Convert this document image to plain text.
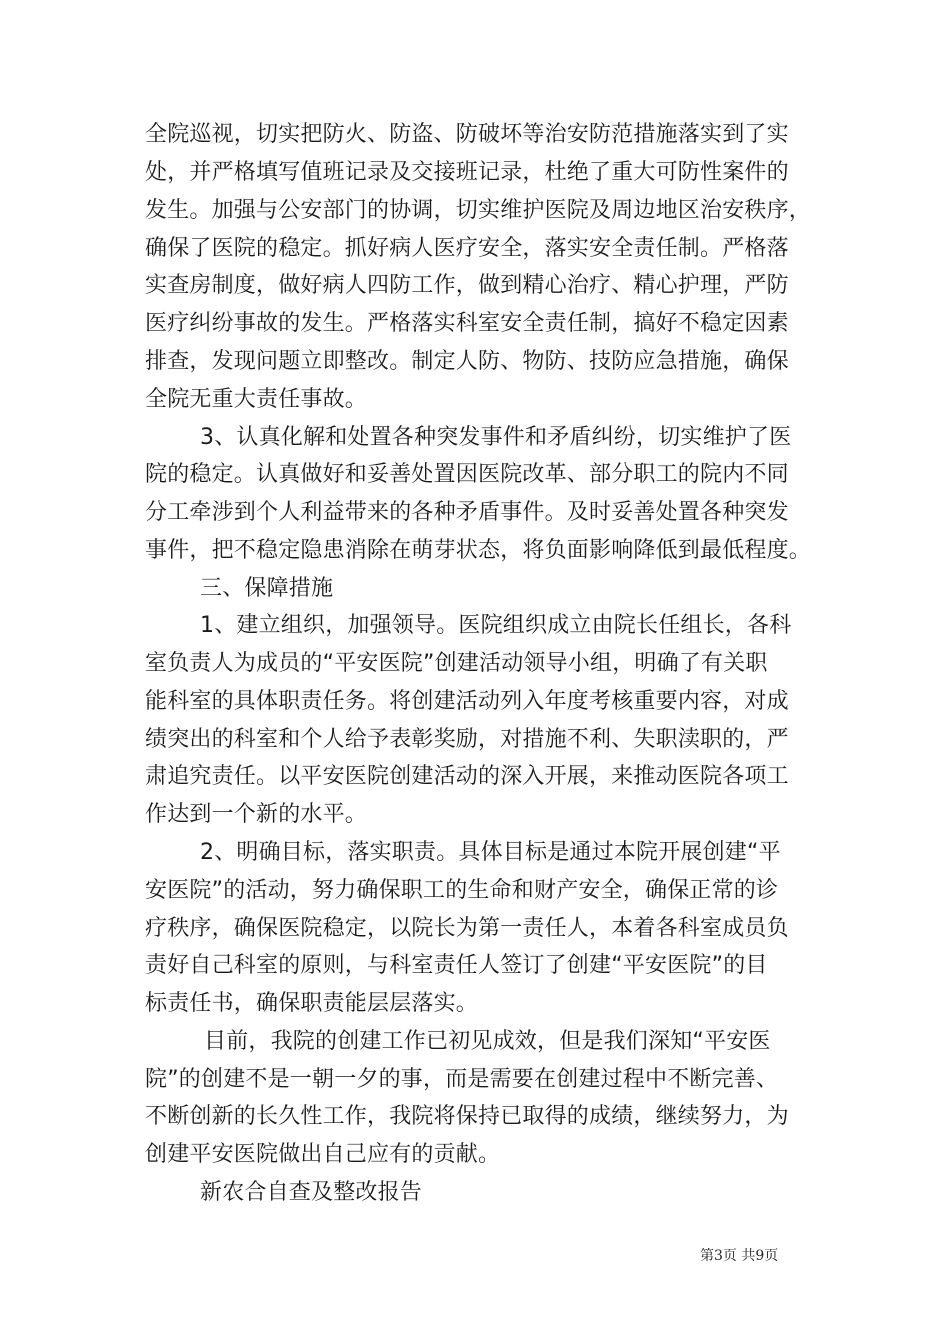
全院巡视，切实把防火、防盗、防破坏等治安防范措施落实到了实
处，并严格填写值班记录及交接班记录，杜绝了重大可防性案件的
发生。加强与公安部门的协调，切实维护医院及周边地区治安秩序，
确保了医院的稳定。抓好病人医疗安全，落实安全责任制。严格落
实查房制度，做好病人四防工作，做到精心治疗、精心护理，严防
医疗纠纷事故的发生。严格落实科室安全责任制，搞好不稳定因素
排查，发现问题立即整改。制定人防、物防、技防应急措施，确保
全院无重大责任事故。
3、认真化解和处置各种突发事件和矛盾纠纷，切实维护了医
院的稳定。认真做好和妥善处置因医院改革、部分职工的院内不同
分工牵涉到个人利益带来的各种矛盾事件。及时妥善处置各种突发
事件，把不稳定隐患消除在萌芽状态，将负面影响降低到最低程度。
三、保障措施
1、建立组织，加强领导。医院组织成立由院长任组长，各科
室负责人为成员的“平安医院”创建活动领导小组，明确了有关职
能科室的具体职责任务。将创建活动列入年度考核重要内容，对成
绩突出的科室和个人给予表彰奖励，对措施不利、失职渎职的，严
肃追究责任。以平安医院创建活动的深入开展，来推动医院各项工
作达到一个新的水平。
2、明确目标，落实职责。具体目标是通过本院开展创建“平
安医院”的活动，努力确保职工的生命和财产安全，确保正常的诊
疗秩序，确保医院稳定，以院长为第一责任人，本着各科室成员负
责好自己科室的原则，与科室责任人签订了创建“平安医院”的目
标责任书，确保职责能层层落实。
目前，我院的创建工作已初见成效，但是我们深知“平安医
院”的创建不是一朝一夕的事，而是需要在创建过程中不断完善、
不断创新的长久性工作，我院将保持已取得的成绩，继续努力，为
创建平安医院做出自己应有的贡献。
新农合自查及整改报告
第3页 共9页
